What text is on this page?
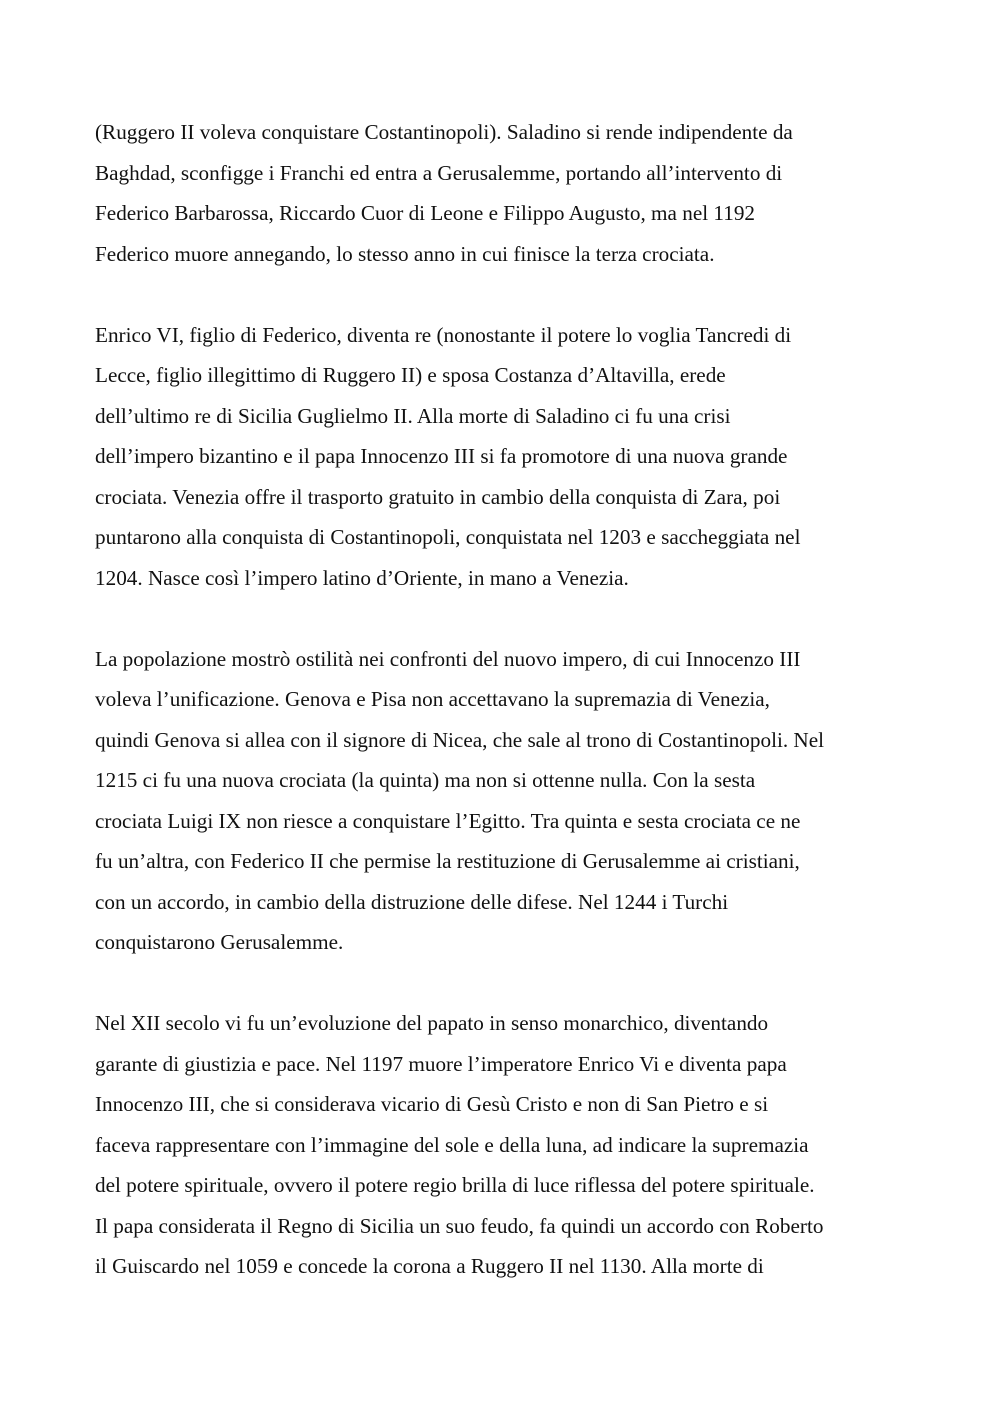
(Ruggero II voleva conquistare Costantinopoli). Saladino si rende indipendente da
Baghdad, sconfigge i Franchi ed entra a Gerusalemme, portando all’intervento di
Federico Barbarossa, Riccardo Cuor di Leone e Filippo Augusto, ma nel 1192
Federico muore annegando, lo stesso anno in cui finisce la terza crociata.

Enrico VI, figlio di Federico, diventa re (nonostante il potere lo voglia Tancredi di
Lecce, figlio illegittimo di Ruggero II) e sposa Costanza d’Altavilla, erede
dell’ultimo re di Sicilia Guglielmo II. Alla morte di Saladino ci fu una crisi
dell’impero bizantino e il papa Innocenzo III si fa promotore di una nuova grande
crociata. Venezia offre il trasporto gratuito in cambio della conquista di Zara, poi
puntarono alla conquista di Costantinopoli, conquistata nel 1203 e saccheggiata nel
1204. Nasce così l’impero latino d’Oriente, in mano a Venezia.

La popolazione mostrò ostilità nei confronti del nuovo impero, di cui Innocenzo III
voleva l’unificazione. Genova e Pisa non accettavano la supremazia di Venezia,
quindi Genova si allea con il signore di Nicea, che sale al trono di Costantinopoli. Nel
1215 ci fu una nuova crociata (la quinta) ma non si ottenne nulla. Con la sesta
crociata Luigi IX non riesce a conquistare l’Egitto. Tra quinta e sesta crociata ce ne
fu un’altra, con Federico II che permise la restituzione di Gerusalemme ai cristiani,
con un accordo, in cambio della distruzione delle difese. Nel 1244 i Turchi
conquistarono Gerusalemme.

Nel XII secolo vi fu un’evoluzione del papato in senso monarchico, diventando
garante di giustizia e pace. Nel 1197 muore l’imperatore Enrico Vi e diventa papa
Innocenzo III, che si considerava vicario di Gesù Cristo e non di San Pietro e si
faceva rappresentare con l’immagine del sole e della luna, ad indicare la supremazia
del potere spirituale, ovvero il potere regio brilla di luce riflessa del potere spirituale.
Il papa considerata il Regno di Sicilia un suo feudo, fa quindi un accordo con Roberto
il Guiscardo nel 1059 e concede la corona a Ruggero II nel 1130. Alla morte di
